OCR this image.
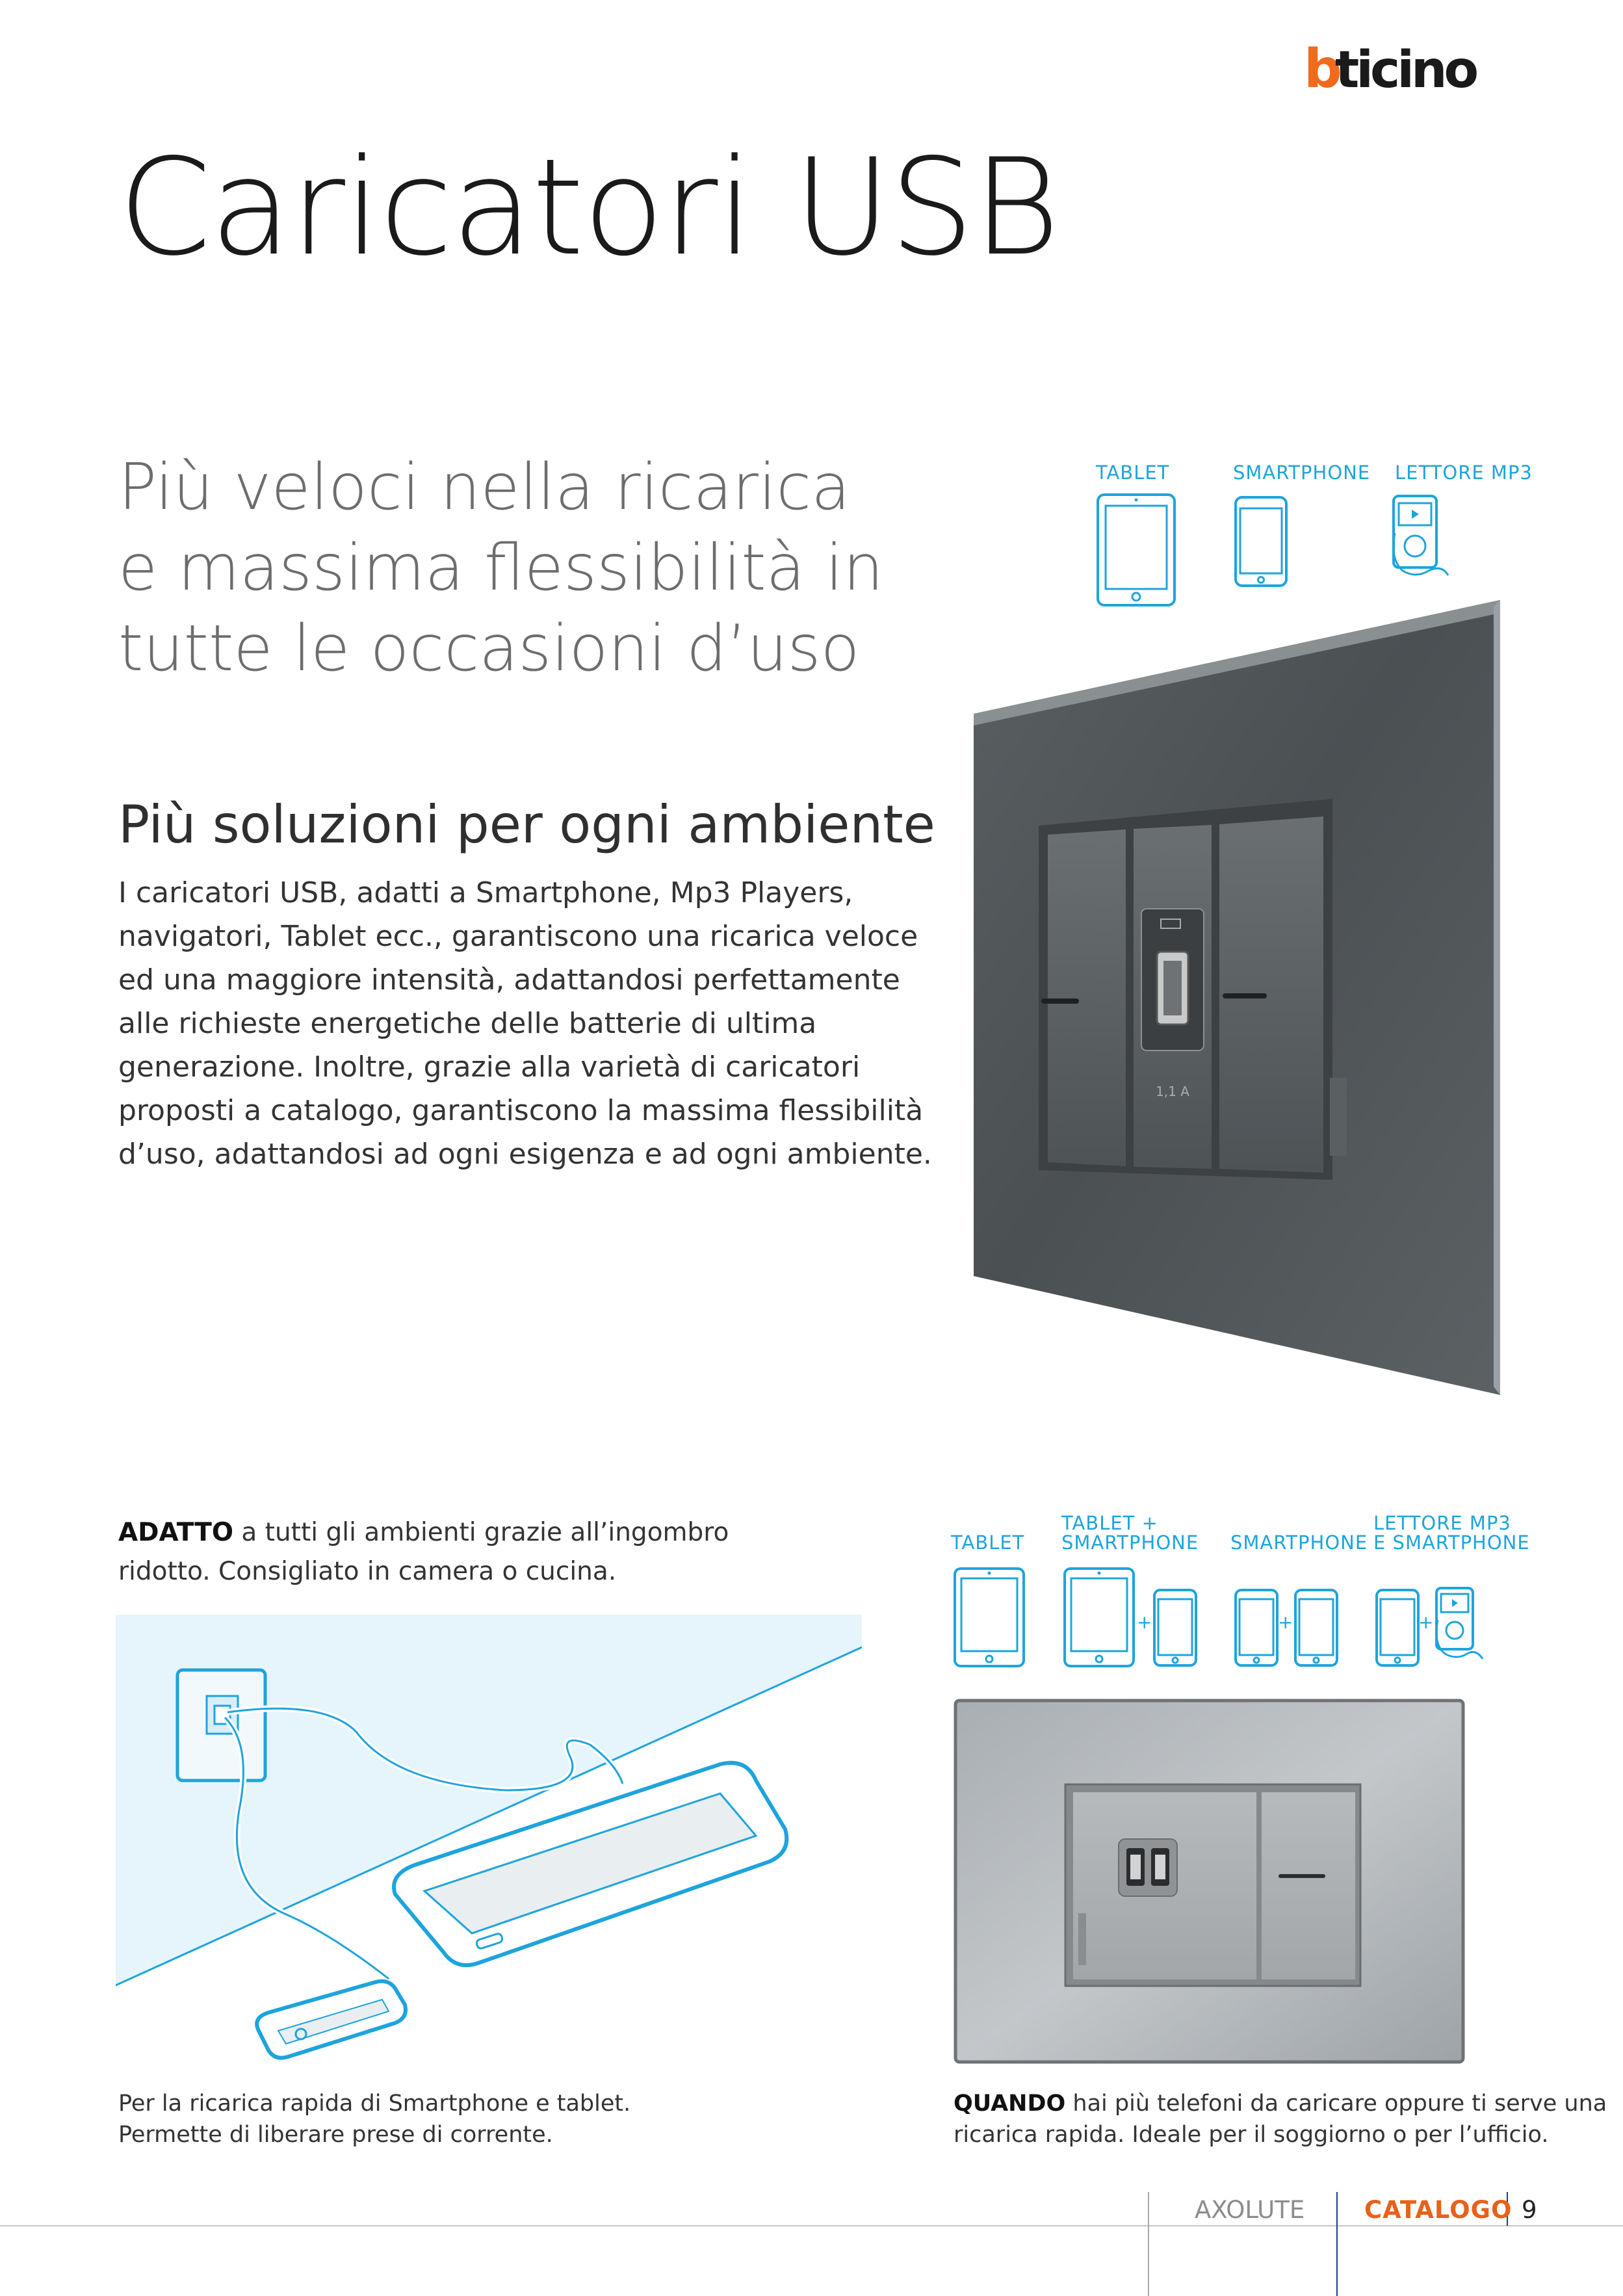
b
ticino
Caricatori USB
Più veloci nella ricarica
e massima flessibilità in
tutte le occasioni d’uso
Più soluzioni per ogni ambiente
I caricatori USB, adatti a Smartphone, Mp3 Players,
navigatori, Tablet ecc., garantiscono una ricarica veloce
ed una maggiore intensità, adattandosi perfettamente
alle richieste energetiche delle batterie di ultima
generazione. Inoltre, grazie alla varietà di caricatori
proposti a catalogo, garantiscono la massima flessibilità
d’uso, adattandosi ad ogni esigenza e ad ogni ambiente.
TABLET	SMARTPHONE LETTORE MP3
1,1 A
ADATTO a tutti gli ambienti grazie all’ingombro
ridotto. Consigliato in camera o cucina.
TABLET
TABLET +
SMARTPHONE SMARTPHONE
LETTORE MP3
E SMARTPHONE
+	+	+
Per la ricarica rapida di Smartphone e tablet.
Permette di liberare prese di corrente.
QUANDO hai più telefoni da caricare oppure ti serve una
ricarica rapida. Ideale per il soggiorno o per l’ufficio.
AXOLUTE CATALOGO 9
